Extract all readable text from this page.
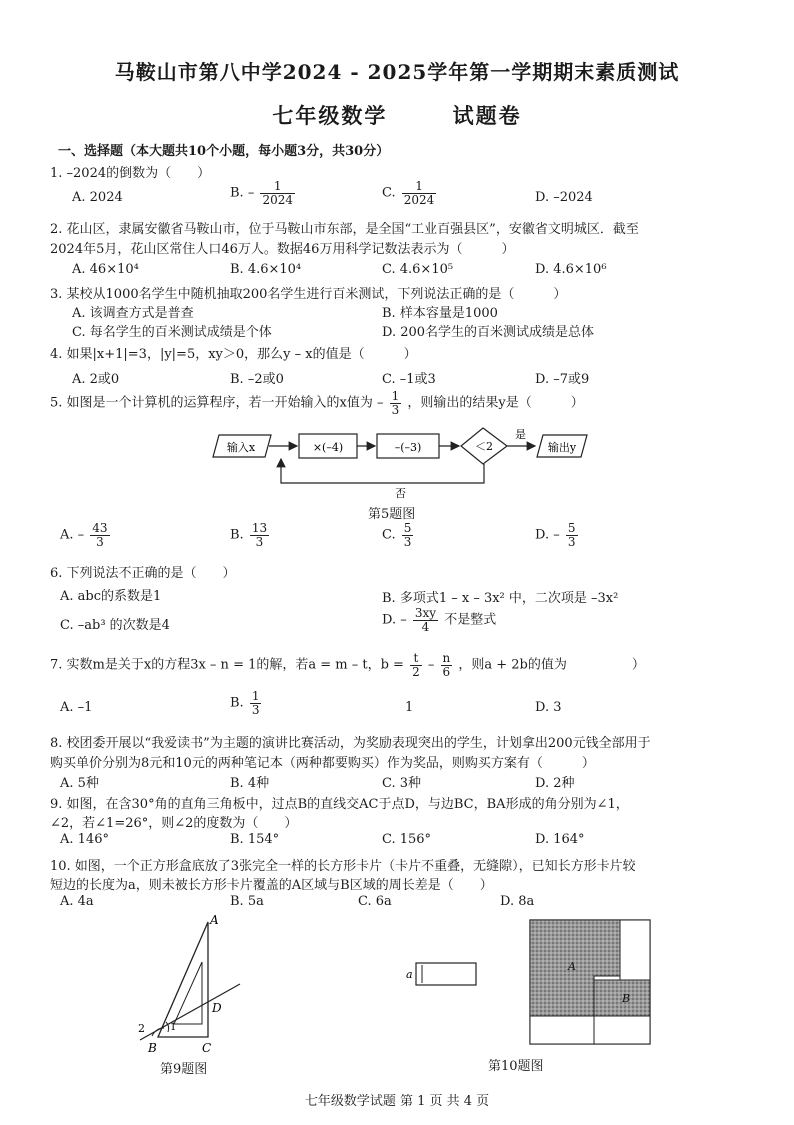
马鞍山市第八中学2024 - 2025学年第一学期期末素质测试
七年级数学	试题卷
一、选择题（本大题共10个小题，每小题3分，共30分）
1. –2024的倒数为（　　）
A. 2024	B. – $\frac{1}{2024}$	C. $\frac{1}{2024}$	D. –2024
2. 花山区，隶属安徽省马鞍山市，位于马鞍山市东部，是全国“工业百强县区”，安徽省文明城区．截至
2024年5月，花山区常住人口46万人。数据46万用科学记数法表示为（　　　）
A. 46×10⁴	B. 4.6×10⁴	C. 4.6×10⁵	D. 4.6×10⁶
3. 某校从1000名学生中随机抽取200名学生进行百米测试，下列说法正确的是（　　　）
A. 该调查方式是普查	B. 样本容量是1000
C. 每名学生的百米测试成绩是个体	D. 200名学生的百米测试成绩是总体
4. 如果|x+1|=3，|y|=5，xy＞0，那么y – x的值是（　　　）
A. 2或0	B. –2或0	C. –1或3	D. –7或9
5. 如图是一个计算机的运算程序，若一开始输入的x值为 – $\frac{1}{3}$ ，则输出的结果y是（　　　）
输入x	×(–4)	–(–3)	＜2
是
输出y
否
第5题图
A. – $\frac{43}{3}$	B. $\frac{13}{3}$	C. $\frac{5}{3}$	D. – $\frac{5}{3}$
6. 下列说法不正确的是（　　）
A. abc的系数是1	B. 多项式1 – x – 3x² 中，二次项是 –3x²
C. –ab³ 的次数是4	D. – $\frac{3xy}{4}$ 不是整式
7. 实数m是关于x的方程3x – n = 1的解，若a = m – t，$b = \frac{t}{2} - \frac{n}{6}$ ，则a + 2b的值为　　　　　）
A. –1	B. $\frac{1}{3}$	1	D. 3
8. 校团委开展以“我爱读书”为主题的演讲比赛活动，为奖励表现突出的学生，计划拿出200元钱全部用于
购买单价分别为8元和10元的两种笔记本（两种都要购买）作为奖品，则购买方案有（　　　）
A. 5种	B. 4种	C. 3种	D. 2种
9. 如图，在含30°角的直角三角板中，过点B的直线交AC于点D，与边BC，BA形成的角分别为∠1，
∠2，若∠1=26°，则∠2的度数为（　　）
A. 146°	B. 154°	C. 156°	D. 164°
10. 如图，一个正方形盒底放了3张完全一样的长方形卡片（卡片不重叠，无缝隙），已知长方形卡片较
短边的长度为a，则未被长方形卡片覆盖的A区域与B区域的周长差是（　　）
A. 4a	B. 5a	C. 6a	D. 8a
A
B	C
D
1
2
第9题图
a
A
B
第10题图
七年级数学试题 第 1 页 共 4 页
